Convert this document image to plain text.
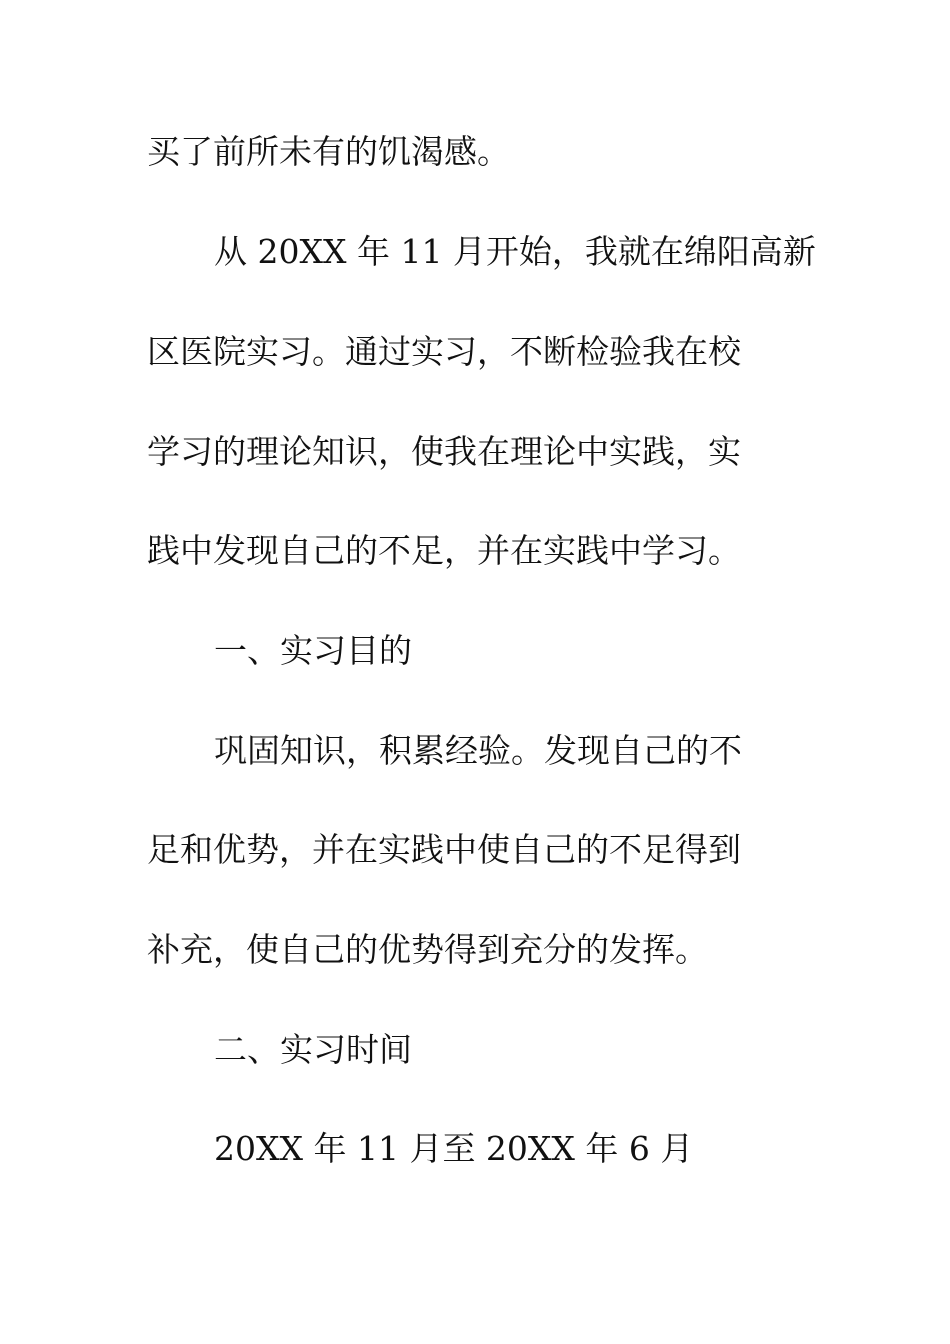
买了前所未有的饥渴感。
从 20XX 年 11 月开始，我就在绵阳高新
区医院实习。通过实习，不断检验我在校
学习的理论知识，使我在理论中实践，实
践中发现自己的不足，并在实践中学习。
一、实习目的
巩固知识，积累经验。发现自己的不
足和优势，并在实践中使自己的不足得到
补充，使自己的优势得到充分的发挥。
二、实习时间
20XX 年 11 月至 20XX 年 6 月
